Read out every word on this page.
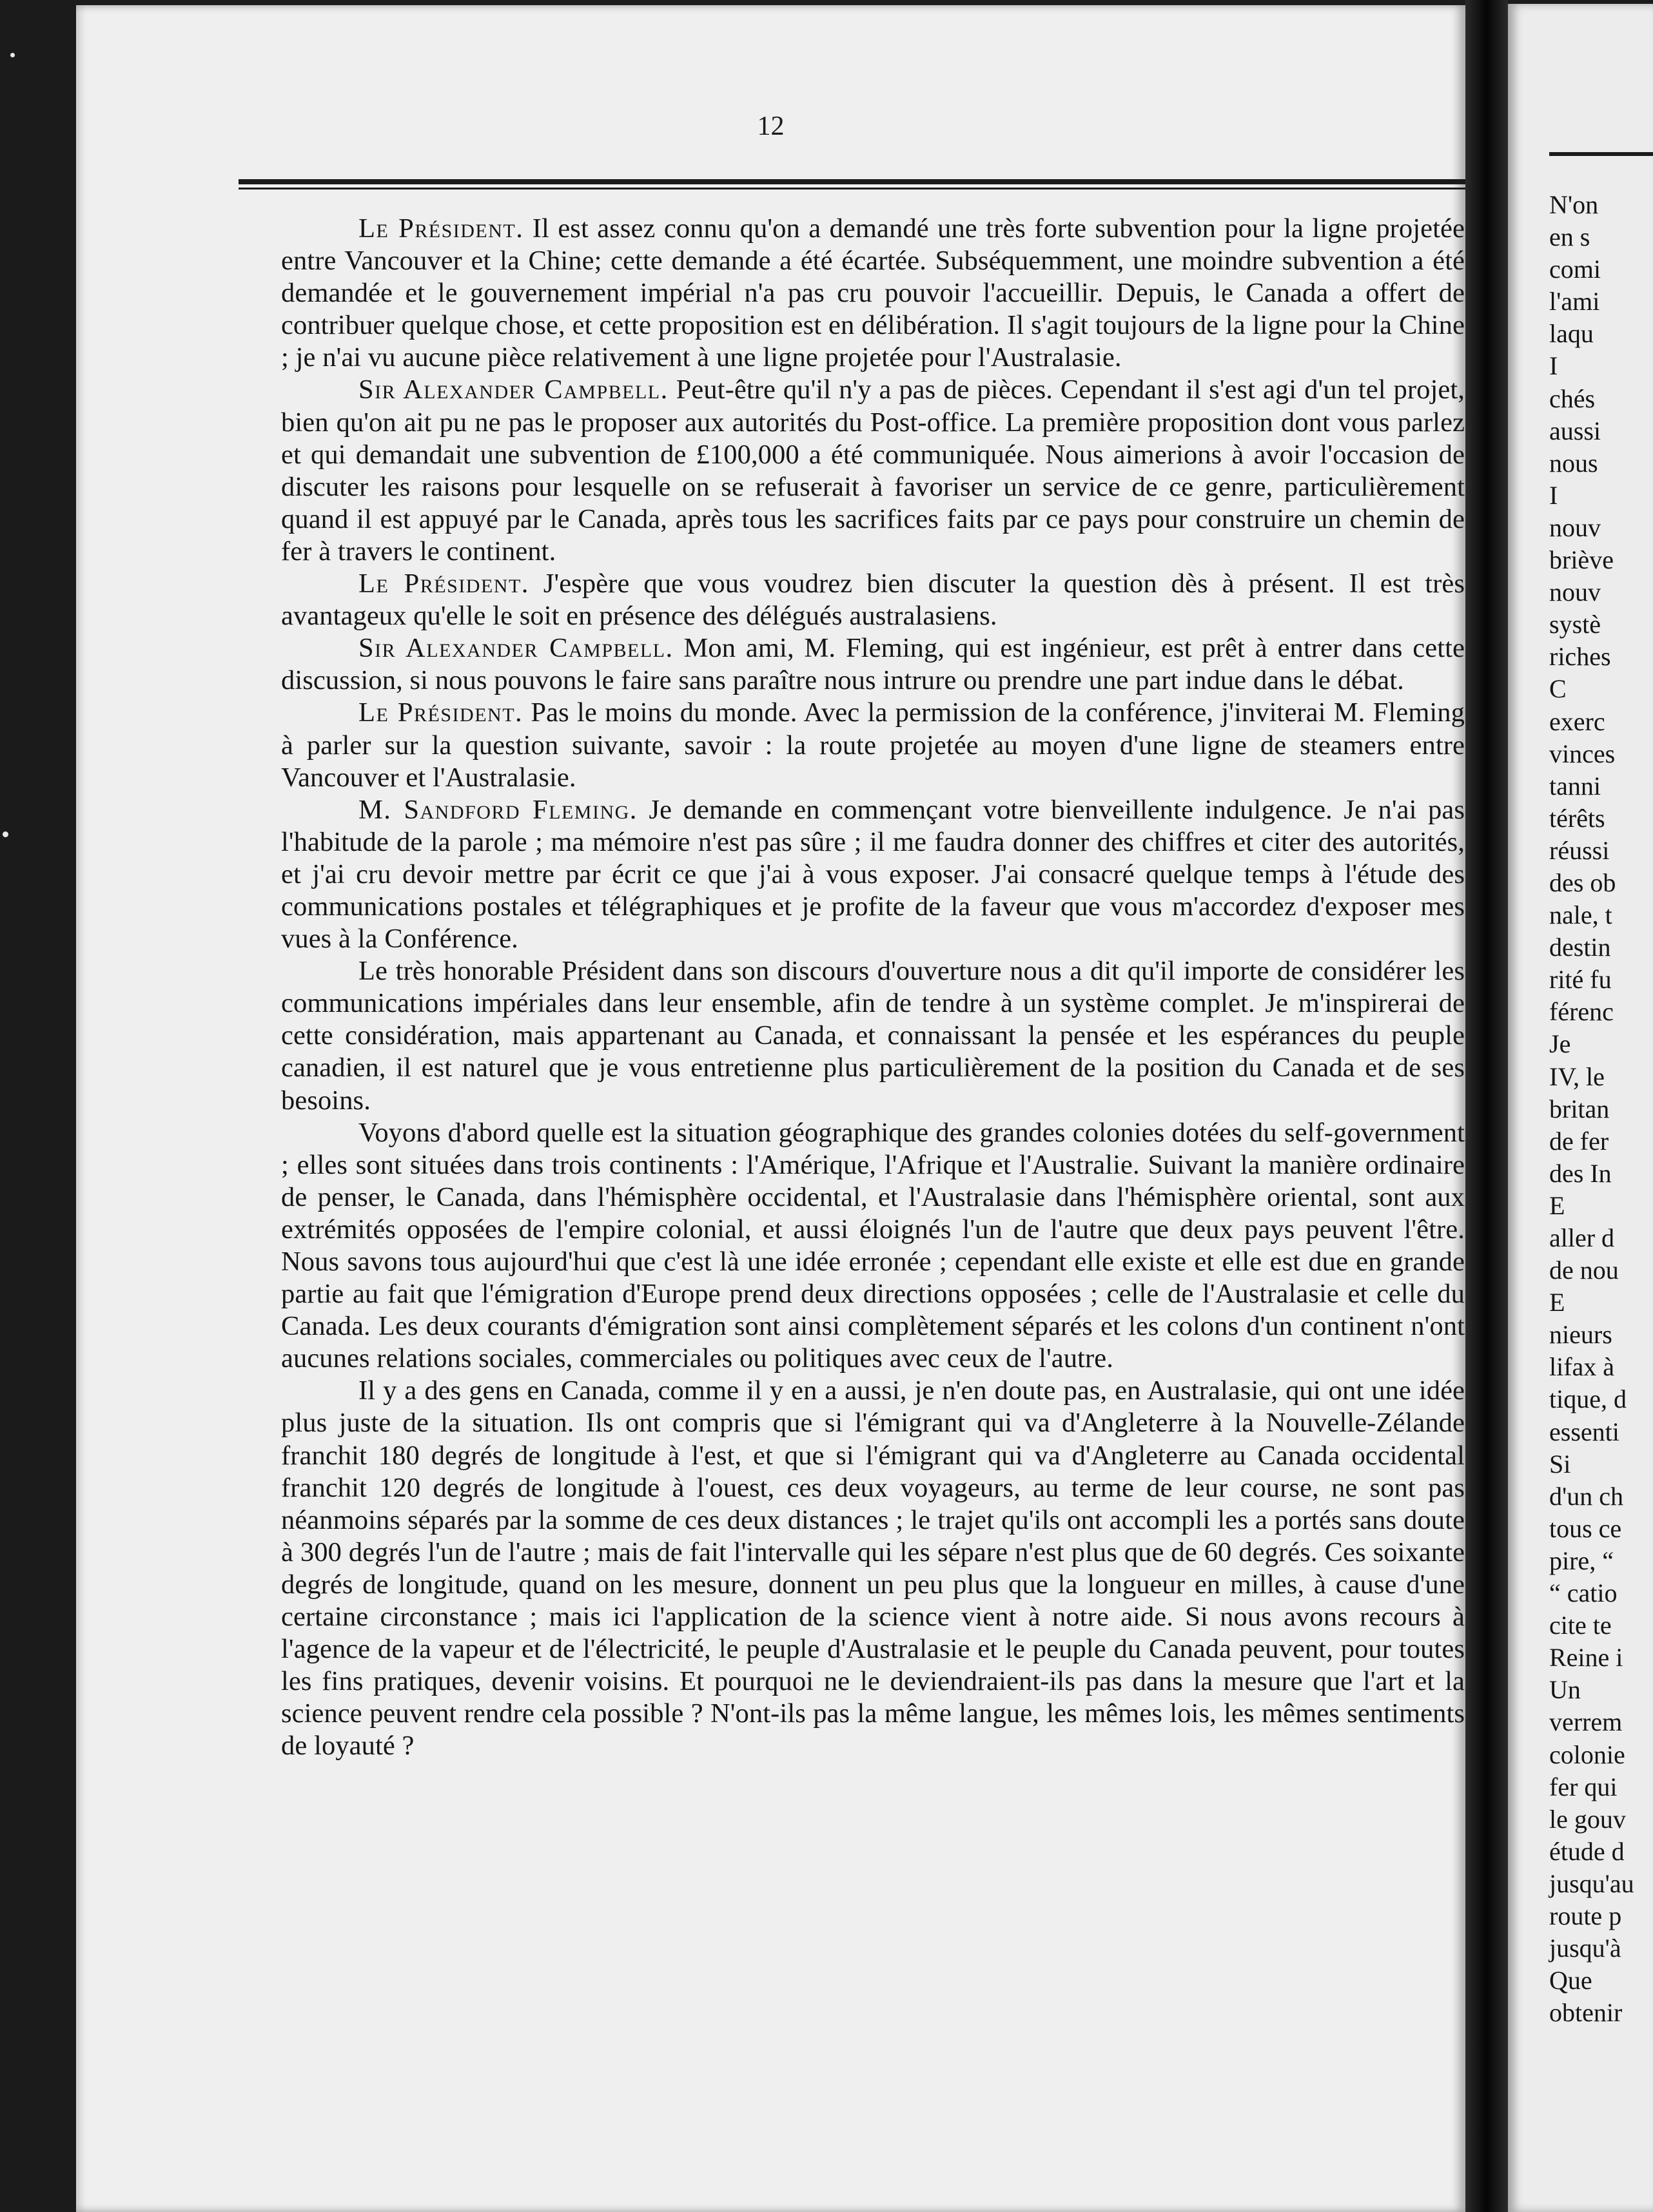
12

Le Président. Il est assez connu qu'on a demandé une très forte subvention pour la ligne projetée entre Vancouver et la Chine; cette demande a été écartée. Subséquemment, une moindre subvention a été demandée et le gouvernement impérial n'a pas cru pouvoir l'accueillir. Depuis, le Canada a offert de contribuer quelque chose, et cette proposition est en délibération. Il s'agit toujours de la ligne pour la Chine ; je n'ai vu aucune pièce relativement à une ligne projetée pour l'Australasie.

Sir Alexander Campbell. Peut-être qu'il n'y a pas de pièces. Cependant il s'est agi d'un tel projet, bien qu'on ait pu ne pas le proposer aux autorités du Post-office. La première proposition dont vous parlez et qui demandait une subvention de £100,000 a été communiquée. Nous aimerions à avoir l'occasion de discuter les raisons pour lesquelle on se refuserait à favoriser un service de ce genre, particulièrement quand il est appuyé par le Canada, après tous les sacrifices faits par ce pays pour construire un chemin de fer à travers le continent.

Le Président. J'espère que vous voudrez bien discuter la question dès à présent. Il est très avantageux qu'elle le soit en présence des délégués australasiens.

Sir Alexander Campbell. Mon ami, M. Fleming, qui est ingénieur, est prêt à entrer dans cette discussion, si nous pouvons le faire sans paraître nous intrure ou prendre une part indue dans le débat.

Le Président. Pas le moins du monde. Avec la permission de la conférence, j'inviterai M. Fleming à parler sur la question suivante, savoir : la route projetée au moyen d'une ligne de steamers entre Vancouver et l'Australasie.

M. Sandford Fleming. Je demande en commençant votre bienveillente indulgence. Je n'ai pas l'habitude de la parole ; ma mémoire n'est pas sûre ; il me faudra donner des chiffres et citer des autorités, et j'ai cru devoir mettre par écrit ce que j'ai à vous exposer. J'ai consacré quelque temps à l'étude des communications postales et télégraphiques et je profite de la faveur que vous m'accordez d'exposer mes vues à la Conférence.

Le très honorable Président dans son discours d'ouverture nous a dit qu'il importe de considérer les communications impériales dans leur ensemble, afin de tendre à un système complet. Je m'inspirerai de cette considération, mais appartenant au Canada, et connaissant la pensée et les espérances du peuple canadien, il est naturel que je vous entretienne plus particulièrement de la position du Canada et de ses besoins.

Voyons d'abord quelle est la situation géographique des grandes colonies dotées du self-government ; elles sont situées dans trois continents : l'Amérique, l'Afrique et l'Australie. Suivant la manière ordinaire de penser, le Canada, dans l'hémisphère occidental, et l'Australasie dans l'hémisphère oriental, sont aux extrémités opposées de l'empire colonial, et aussi éloignés l'un de l'autre que deux pays peuvent l'être. Nous savons tous aujourd'hui que c'est là une idée erronée ; cependant elle existe et elle est due en grande partie au fait que l'émigration d'Europe prend deux directions opposées ; celle de l'Australasie et celle du Canada. Les deux courants d'émigration sont ainsi complètement séparés et les colons d'un continent n'ont aucunes relations sociales, commerciales ou politiques avec ceux de l'autre.

Il y a des gens en Canada, comme il y en a aussi, je n'en doute pas, en Australasie, qui ont une idée plus juste de la situation. Ils ont compris que si l'émigrant qui va d'Angleterre à la Nouvelle-Zélande franchit 180 degrés de longitude à l'est, et que si l'émigrant qui va d'Angleterre au Canada occidental franchit 120 degrés de longitude à l'ouest, ces deux voyageurs, au terme de leur course, ne sont pas néanmoins séparés par la somme de ces deux distances ; le trajet qu'ils ont accompli les a portés sans doute à 300 degrés l'un de l'autre ; mais de fait l'intervalle qui les sépare n'est plus que de 60 degrés. Ces soixante degrés de longitude, quand on les mesure, donnent un peu plus que la longueur en milles, à cause d'une certaine circonstance ; mais ici l'application de la science vient à notre aide. Si nous avons recours à l'agence de la vapeur et de l'électricité, le peuple d'Australasie et le peuple du Canada peuvent, pour toutes les fins pratiques, devenir voisins. Et pourquoi ne le deviendraient-ils pas dans la mesure que l'art et la science peuvent rendre cela possible ? N'ont-ils pas la même langue, les mêmes lois, les mêmes sentiments de loyauté ?

N'on
en s
comi
l'ami
laqu
I
chés
aussi
nous
I
nouv
briève
nouv
systè
riches
C
exerc
vinces
tanni
térêts
réussi
des ob
nale, t
destin
rité fu
férenc
Je
IV, le
britan
de fer
des In
E
aller d
de nou
E
nieurs
lifax à
tique, d
essenti
Si
d'un ch
tous ce
pire, “
“ catio
cite te
Reine i
Un
verrem
colonie
fer qui
le gouv
étude d
jusqu'au
route p
jusqu'à
Que
obtenir
